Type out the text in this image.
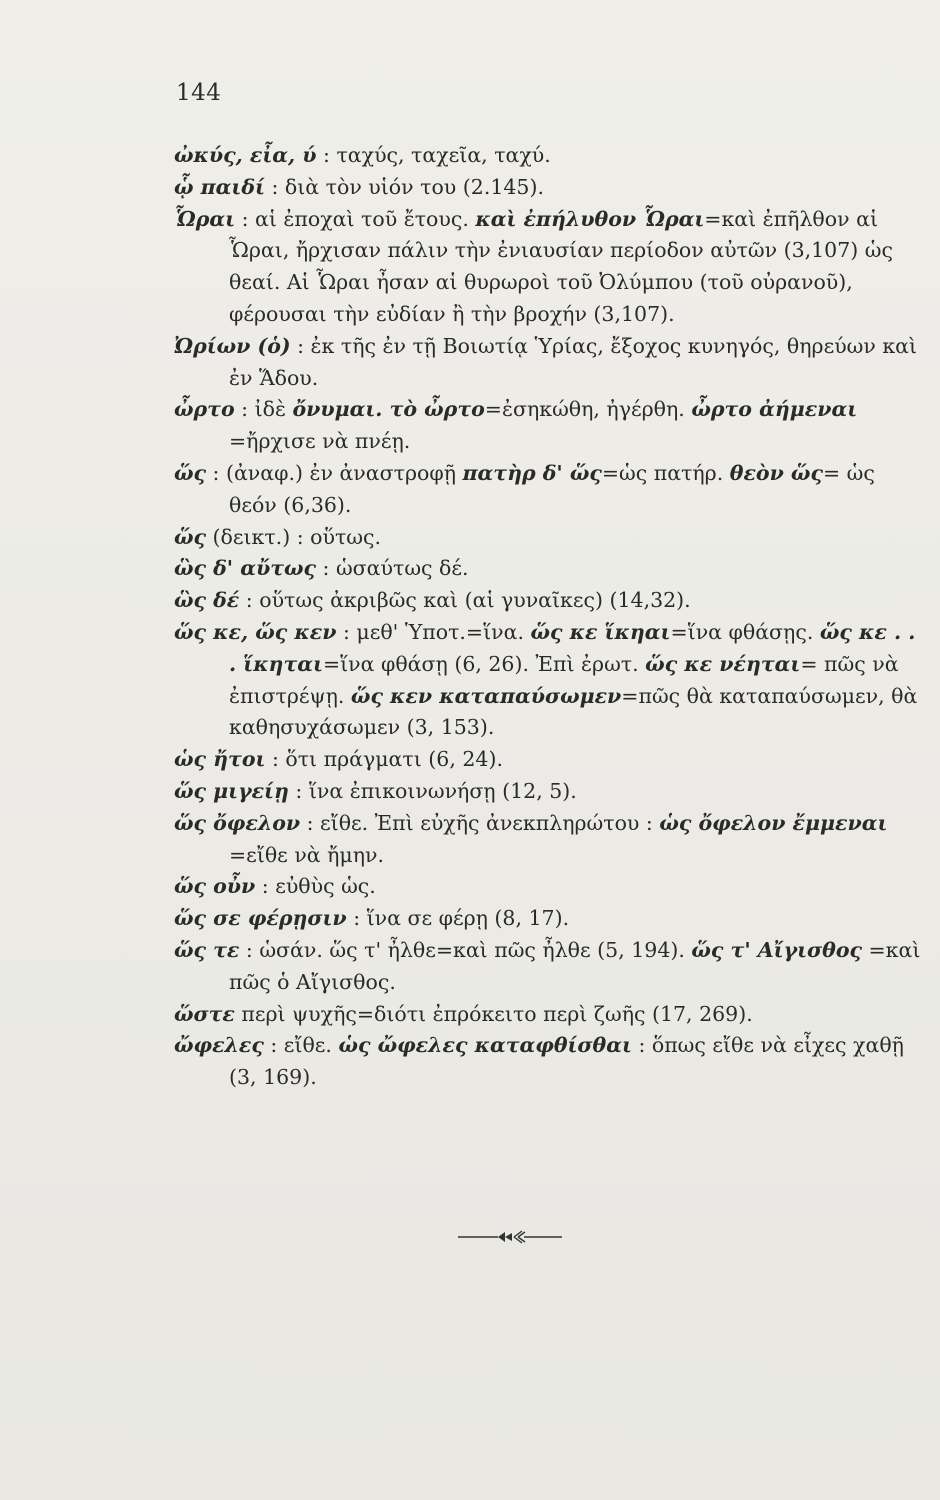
144

ὠκύς, εἶα, ύ : ταχύς, ταχεῖα, ταχύ.

ᾧ παιδί : διὰ τὸν υἱόν του (2.145).

Ὧραι : αἱ ἐποχαὶ τοῦ ἔτους. καὶ ἐπήλυθον Ὧραι=καὶ ἐπῆλθον αἱ Ὧραι, ἤρχισαν πάλιν τὴν ἐνιαυσίαν περίοδον αὐτῶν (3,107) ὡς θεαί. Αἱ Ὧραι ἦσαν αἱ θυρωροὶ τοῦ Ὀλύμπου (τοῦ οὐρανοῦ), φέρουσαι τὴν εὐδίαν ἢ τὴν βροχήν (3,107).

Ὠρίων (ὁ) : ἐκ τῆς ἐν τῇ Βοιωτίᾳ Ὑρίας, ἔξοχος κυνηγός, θηρεύων καὶ ἐν Ἅδου.

ὦρτο : ἰδὲ ὄνυμαι. τὸ ὦρτο=ἐσηκώθη, ἠγέρθη. ὦρτο ἀήμεναι =ἤρχισε νὰ πνέῃ.

ὥς : (ἀναφ.) ἐν ἀναστροφῇ πατὴρ δ' ὥς=ὡς πατήρ. θεὸν ὥς= ὡς θεόν (6,36).

ὥς (δεικτ.) : οὕτως.

ὣς δ' αὔτως : ὡσαύτως δέ.

ὣς δέ : οὕτως ἀκριβῶς καὶ (αἱ γυναῖκες) (14,32).

ὥς κε, ὥς κεν : μεθ' Ὑποτ.=ἵνα. ὥς κε ἵκηαι=ἵνα φθάσῃς. ὥς κε . . . ἵκηται=ἵνα φθάσῃ (6, 26). Ἐπὶ ἐρωτ. ὥς κε νέηται= πῶς νὰ ἐπιστρέψῃ. ὥς κεν καταπαύσωμεν=πῶς θὰ καταπαύσωμεν, θὰ καθησυχάσωμεν (3, 153).

ὡς ἤτοι : ὅτι πράγματι (6, 24).

ὥς μιγείῃ : ἵνα ἐπικοινωνήσῃ (12, 5).

ὥς ὄφελον : εἴθε. Ἐπὶ εὐχῆς ἀνεκπληρώτου : ὡς ὄφελον ἔμμεναι =εἴθε νὰ ἤμην.

ὥς οὖν : εὐθὺς ὡς.

ὥς σε φέρῃσιν : ἵνα σε φέρῃ (8, 17).

ὥς τε : ὡσάν. ὥς τ' ἦλθε=καὶ πῶς ἦλθε (5, 194). ὥς τ' Αἴγισθος =καὶ πῶς ὁ Αἴγισθος.

ὥστε περὶ ψυχῆς=διότι ἐπρόκειτο περὶ ζωῆς (17, 269).

ὤφελες : εἴθε. ὡς ὤφελες καταφθίσθαι : ὅπως εἴθε νὰ εἶχες χαθῇ (3, 169).
